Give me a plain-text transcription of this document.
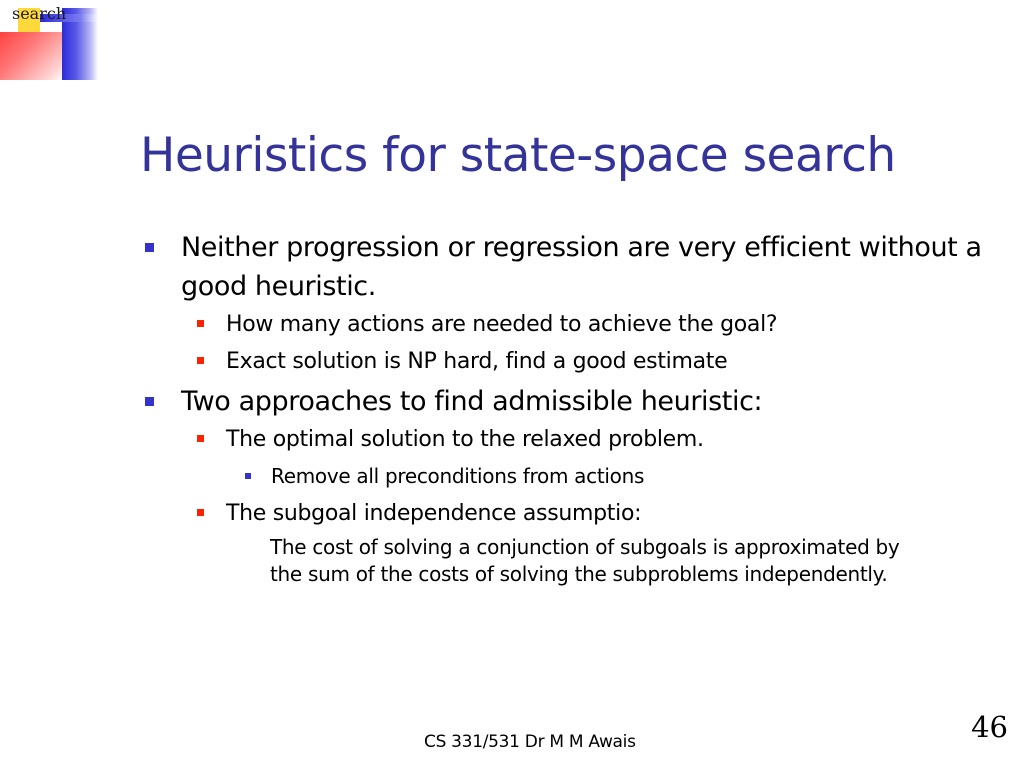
search
Heuristics for state-space search
Neither progression or regression are very efficient without a good heuristic.
How many actions are needed to achieve the goal?
Exact solution is NP hard, find a good estimate
Two approaches to find admissible heuristic:
The optimal solution to the relaxed problem.
Remove all preconditions from actions
The subgoal independence assumptio:
The cost of solving a conjunction of subgoals is approximated by
the sum of the costs of solving the subproblems independently.
CS 331/531 Dr M M Awais	46
